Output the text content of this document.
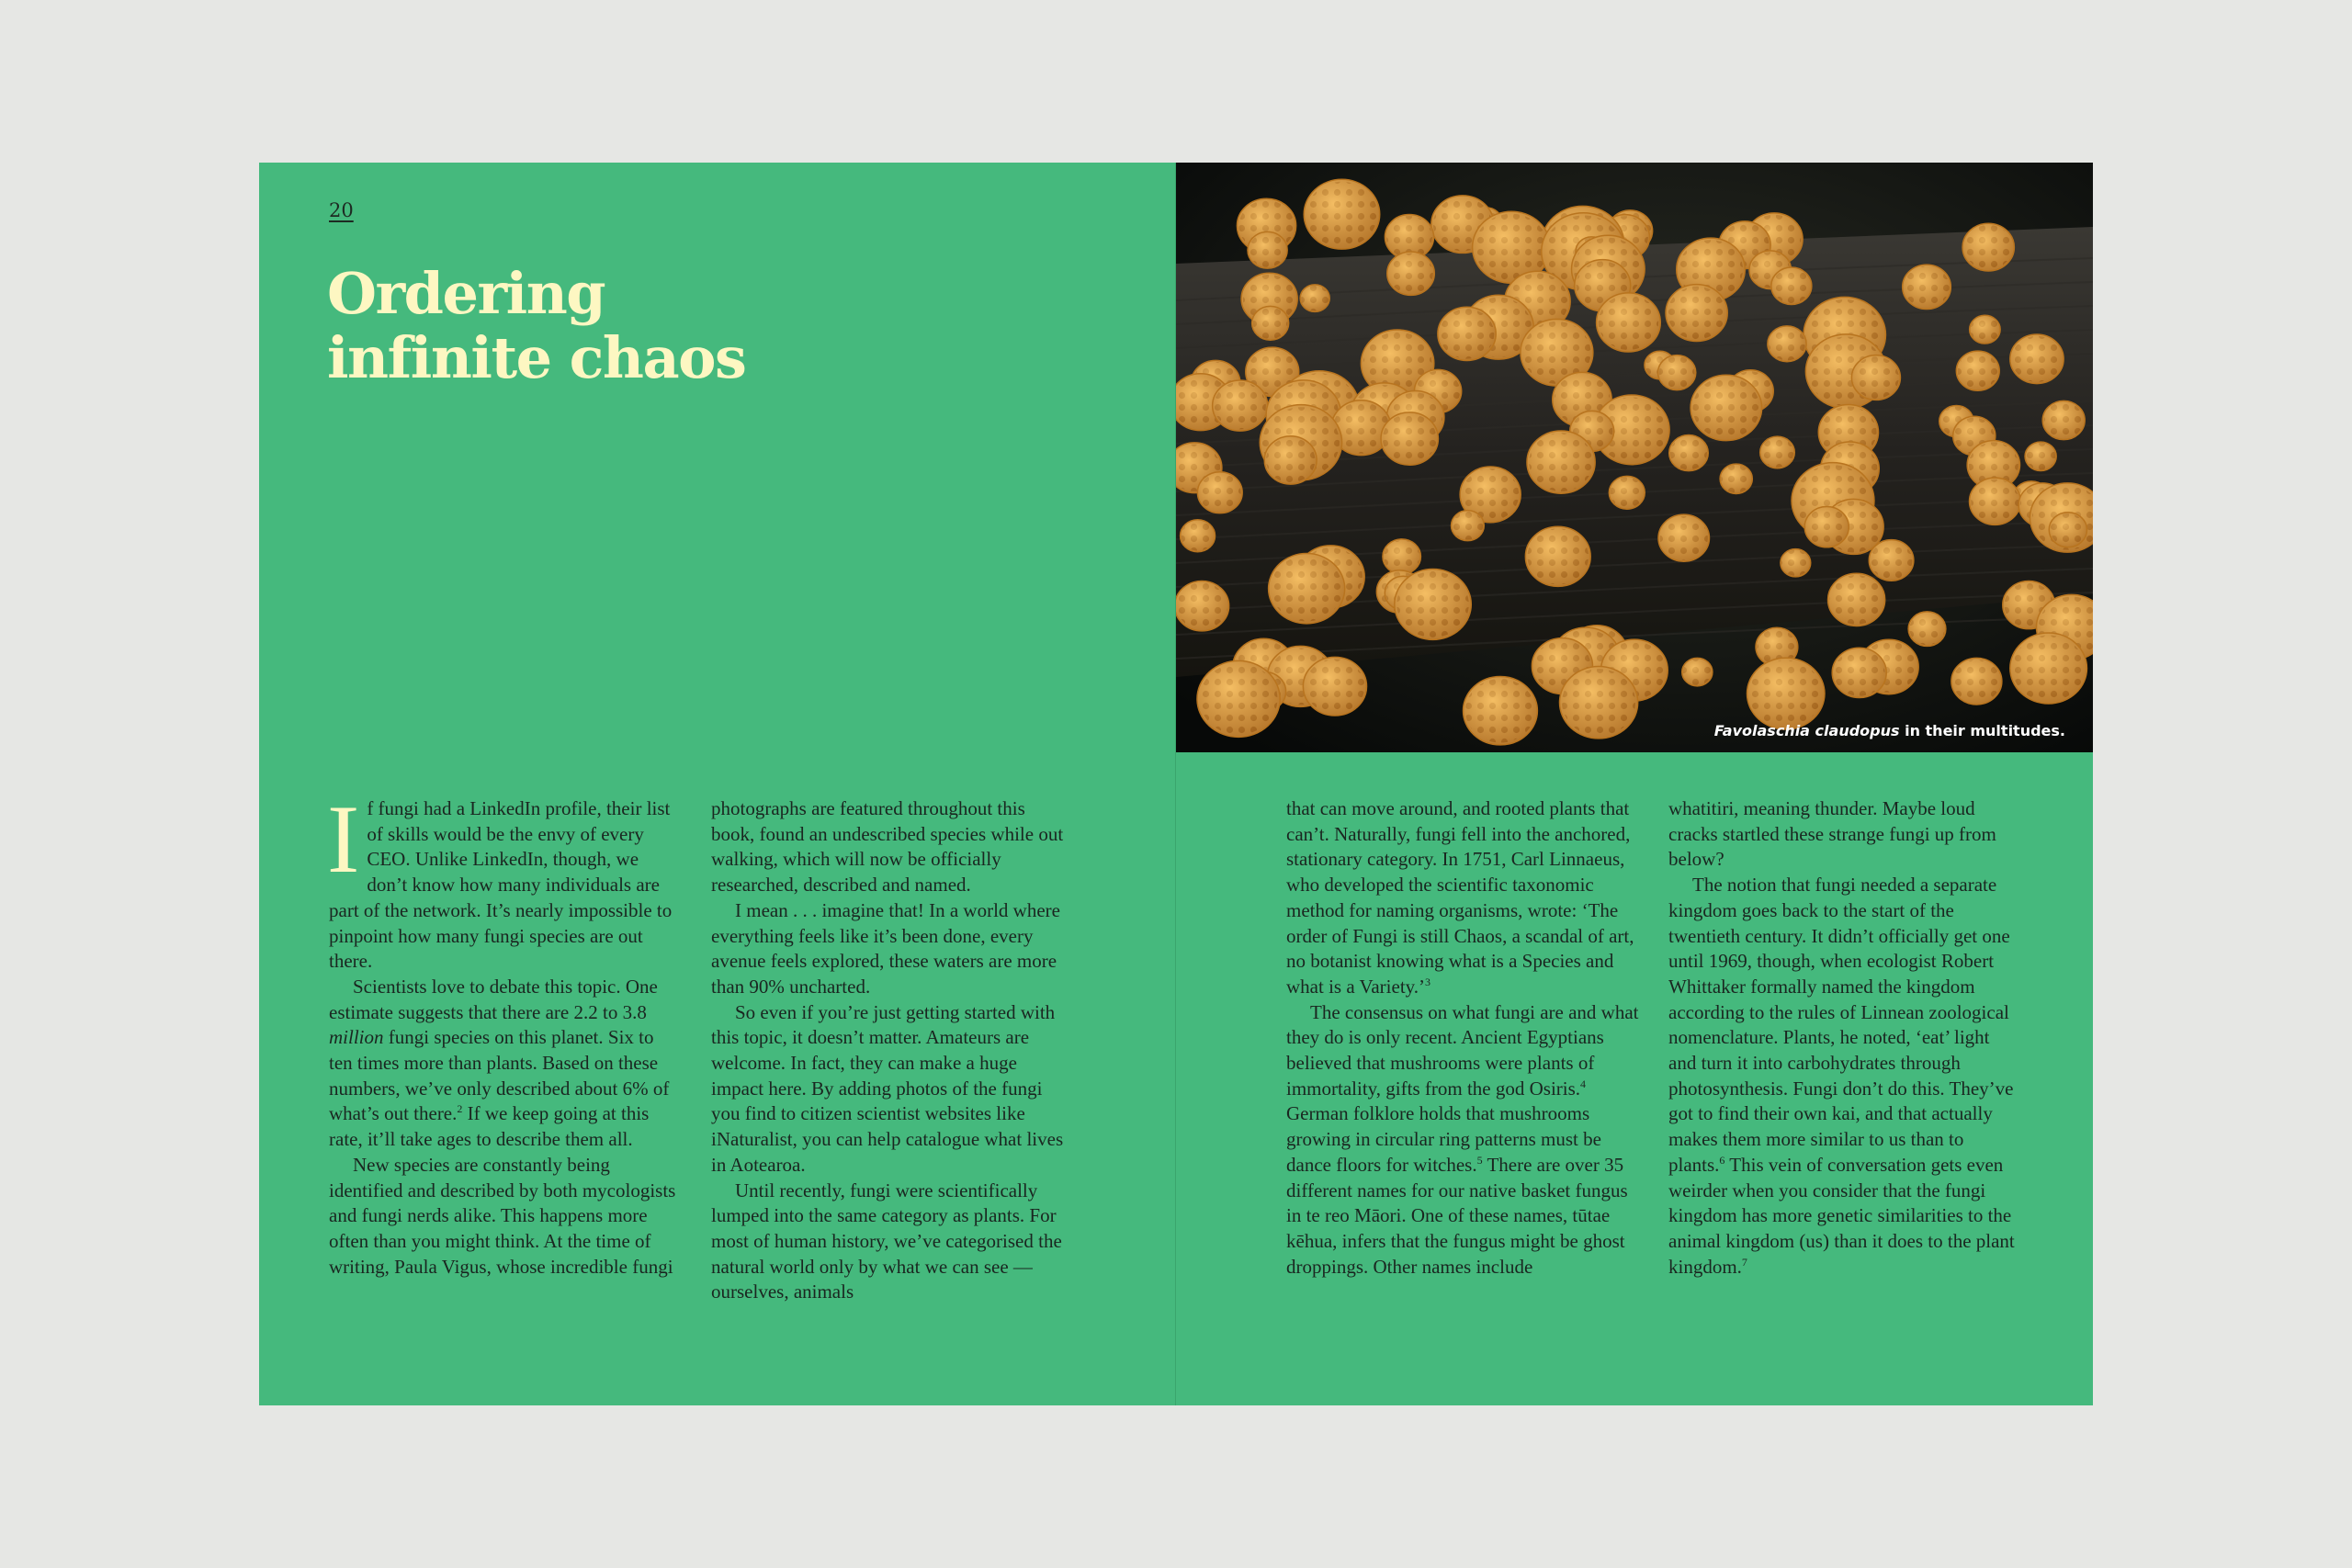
20
Ordering
infinite chaos

If fungi had a LinkedIn profile, their list of skills would be the envy of every CEO. Unlike LinkedIn, though, we don’t know how many individuals are part of the network. It’s nearly impossible to pinpoint how many fungi species are out there.

Scientists love to debate this topic. One estimate suggests that there are 2.2 to 3.8 million fungi species on this planet. Six to ten times more than plants. Based on these numbers, we’ve only described about 6% of what’s out there.$^2$ If we keep going at this rate, it’ll take ages to describe them all.

New species are constantly being identified and described by both mycologists and fungi nerds alike. This happens more often than you might think. At the time of writing, Paula Vigus, whose incredible fungi

photographs are featured throughout this book, found an undescribed species while out walking, which will now be officially researched, described and named.

I mean . . . imagine that! In a world where everything feels like it’s been done, every avenue feels explored, these waters are more than 90% uncharted.

So even if you’re just getting started with this topic, it doesn’t matter. Amateurs are welcome. In fact, they can make a huge impact here. By adding photos of the fungi you find to citizen scientist websites like iNaturalist, you can help catalogue what lives in Aotearoa.

Until recently, fungi were scientifically lumped into the same category as plants. For most of human history, we’ve categorised the natural world only by what we can see — ourselves, animals

Favolaschia claudopus in their multitudes.

that can move around, and rooted plants that can’t. Naturally, fungi fell into the anchored, stationary category. In 1751, Carl Linnaeus, who developed the scientific taxonomic method for naming organisms, wrote: ‘The order of Fungi is still Chaos, a scandal of art, no botanist knowing what is a Species and what is a Variety.’$^3$

The consensus on what fungi are and what they do is only recent. Ancient Egyptians believed that mushrooms were plants of immortality, gifts from the god Osiris.$^4$ German folklore holds that mushrooms growing in circular ring patterns must be dance floors for witches.$^5$ There are over 35 different names for our native basket fungus in te reo Māori. One of these names, tūtae kēhua, infers that the fungus might be ghost droppings. Other names include

whatitiri, meaning thunder. Maybe loud cracks startled these strange fungi up from below?

The notion that fungi needed a separate kingdom goes back to the start of the twentieth century. It didn’t officially get one until 1969, though, when ecologist Robert Whittaker formally named the kingdom according to the rules of Linnean zoological nomenclature. Plants, he noted, ‘eat’ light and turn it into carbohydrates through photosynthesis. Fungi don’t do this. They’ve got to find their own kai, and that actually makes them more similar to us than to plants.$^6$ This vein of conversation gets even weirder when you consider that the fungi kingdom has more genetic similarities to the animal kingdom (us) than it does to the plant kingdom.$^7$
